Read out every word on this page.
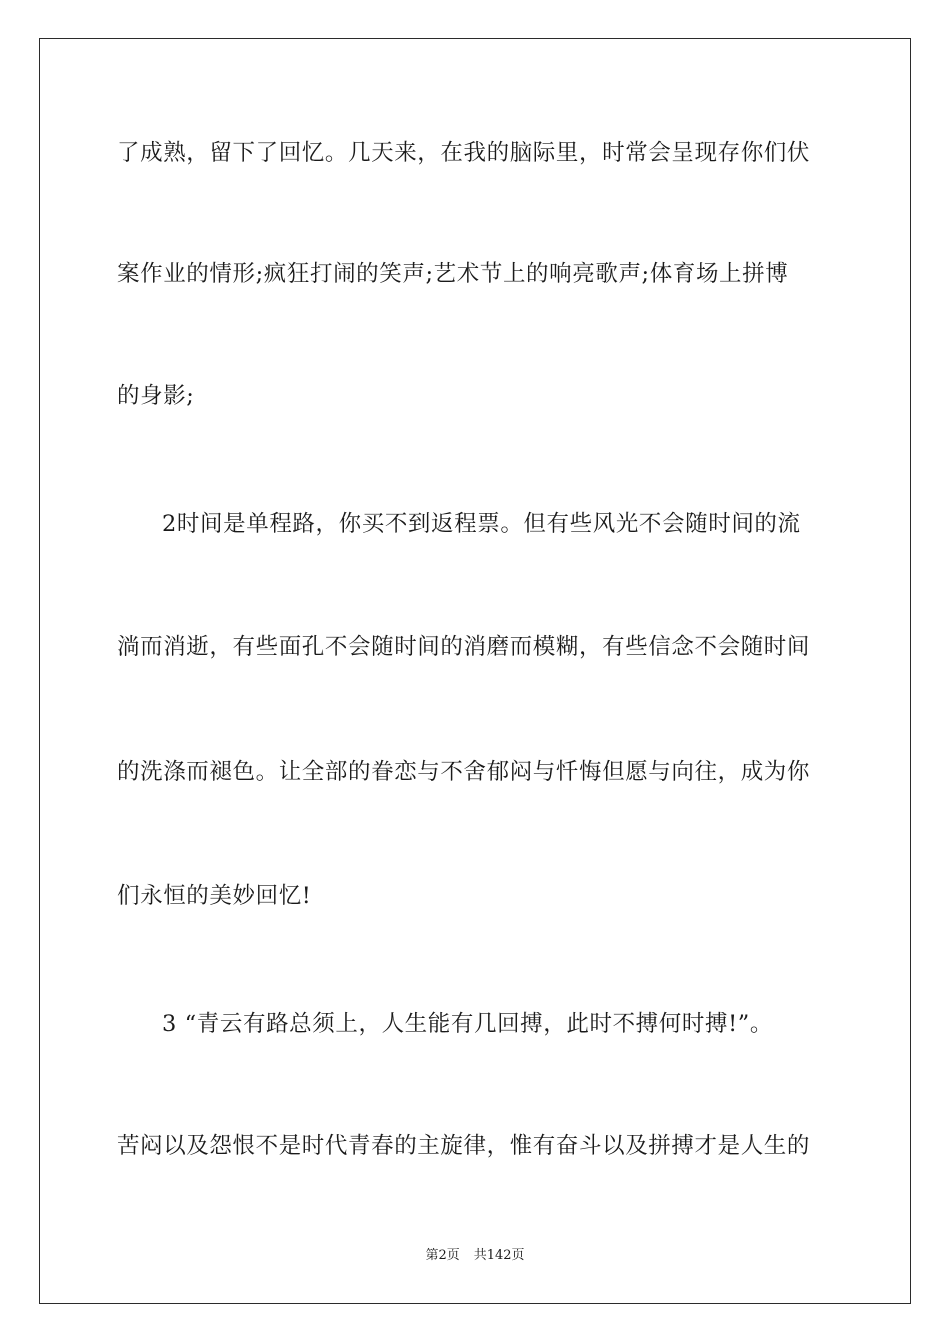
了成熟，留下了回忆。几天来，在我的脑际里，时常会呈现存你们伏
案作业的情形;疯狂打闹的笑声;艺术节上的响亮歌声;体育场上拼博
的身影;
2时间是单程路，你买不到返程票。但有些风光不会随时间的流
淌而消逝，有些面孔不会随时间的消磨而模糊，有些信念不会随时间
的洗涤而褪色。让全部的眷恋与不舍郁闷与忏悔但愿与向往，成为你
们永恒的美妙回忆!
3 “青云有路总须上，人生能有几回搏，此时不搏何时搏!”。
苦闷以及怨恨不是时代青春的主旋律，惟有奋斗以及拼搏才是人生的
第2页 共142页
